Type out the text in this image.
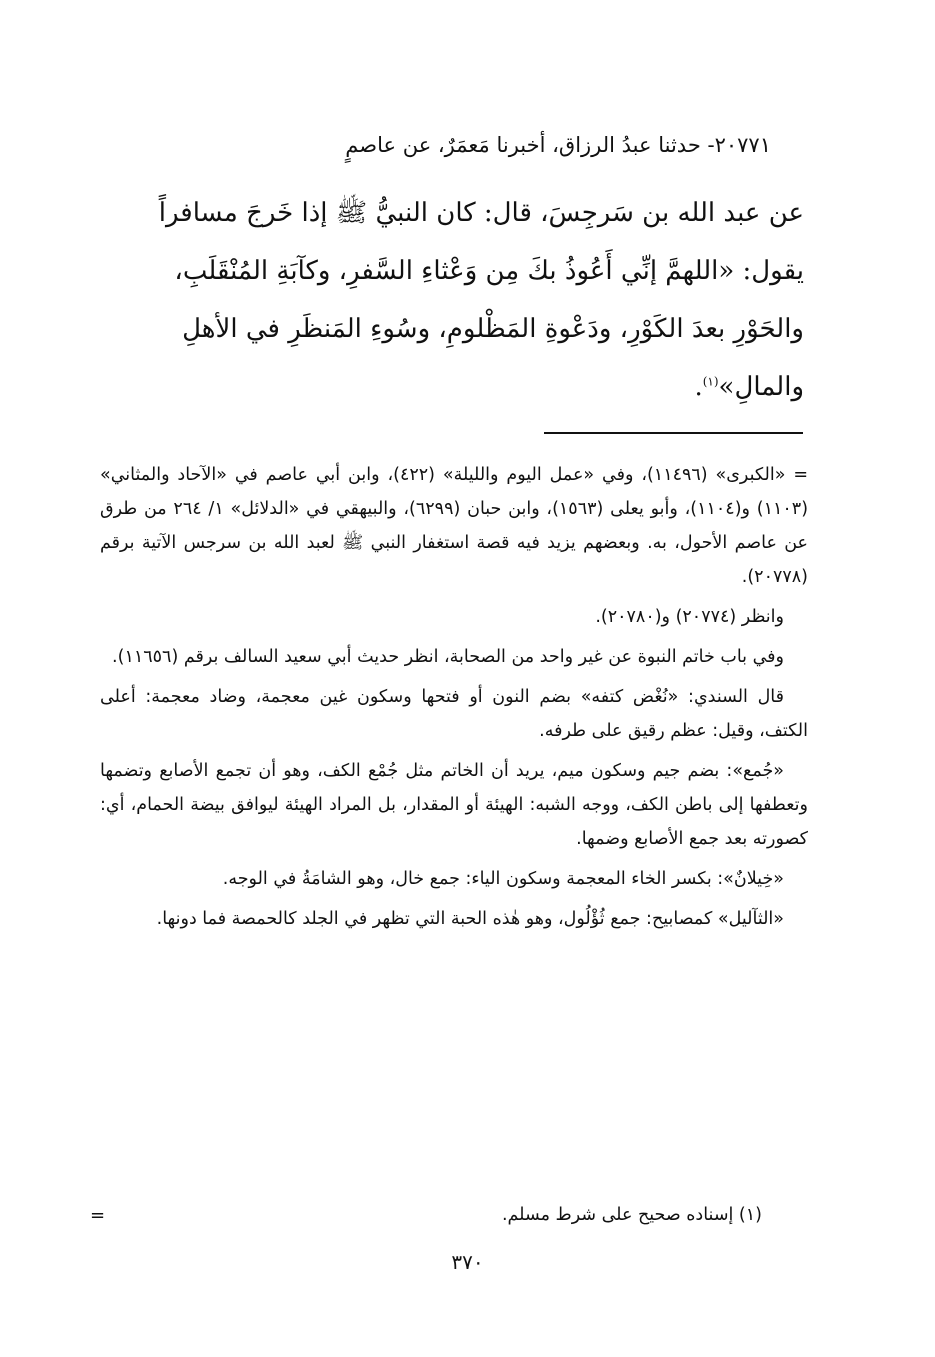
٢٠٧٧١- حدثنا عبدُ الرزاق، أخبرنا مَعمَرٌ، عن عاصمٍ
عن عبد الله بن سَرجِسَ، قال: كان النبيُّ ﷺ إذا خَرجَ مسافراً
يقول: «اللهمَّ إنِّي أَعُوذُ بكَ مِن وَعْثاءِ السَّفرِ، وكآبَةِ المُنْقَلَبِ،
والحَوْرِ بعدَ الكَوْرِ، ودَعْوةِ المَظْلومِ، وسُوءِ المَنظَرِ في الأهلِ
والمالِ»$^{(١)}$.

= «الكبرى» (١١٤٩٦)، وفي «عمل اليوم والليلة» (٤٢٢)، وابن أبي عاصم في «الآحاد والمثاني» (١١٠٣) و(١١٠٤)، وأبو يعلى (١٥٦٣)، وابن حبان (٦٢٩٩)، والبيهقي في «الدلائل» ١/ ٢٦٤ من طرق عن عاصم الأحول، به. وبعضهم يزيد فيه قصة استغفار النبي ﷺ لعبد الله بن سرجس الآتية برقم (٢٠٧٧٨).

وانظر (٢٠٧٧٤) و(٢٠٧٨٠).

وفي باب خاتم النبوة عن غير واحد من الصحابة، انظر حديث أبي سعيد السالف برقم (١١٦٥٦).

قال السندي: «نُغْض كتفه» بضم النون أو فتحها وسكون غين معجمة، وضاد معجمة: أعلى الكتف، وقيل: عظم رقيق على طرفه.

«جُمع»: بضم جيم وسكون ميم، يريد أن الخاتم مثل جُمْع الكف، وهو أن تجمع الأصابع وتضمها وتعطفها إلى باطن الكف، ووجه الشبه: الهيئة أو المقدار، بل المراد الهيئة ليوافق بيضة الحمام، أي: كصورته بعد جمع الأصابع وضمها.

«خِيلانٌ»: بكسر الخاء المعجمة وسكون الياء: جمع خال، وهو الشامَةُ في الوجه.

«الثآليل» كمصابيح: جمع ثُؤْلُول، وهو هٰذه الحبة التي تظهر في الجلد كالحمصة فما دونها.

=	(١) إسناده صحيح على شرط مسلم.
٣٧٠
